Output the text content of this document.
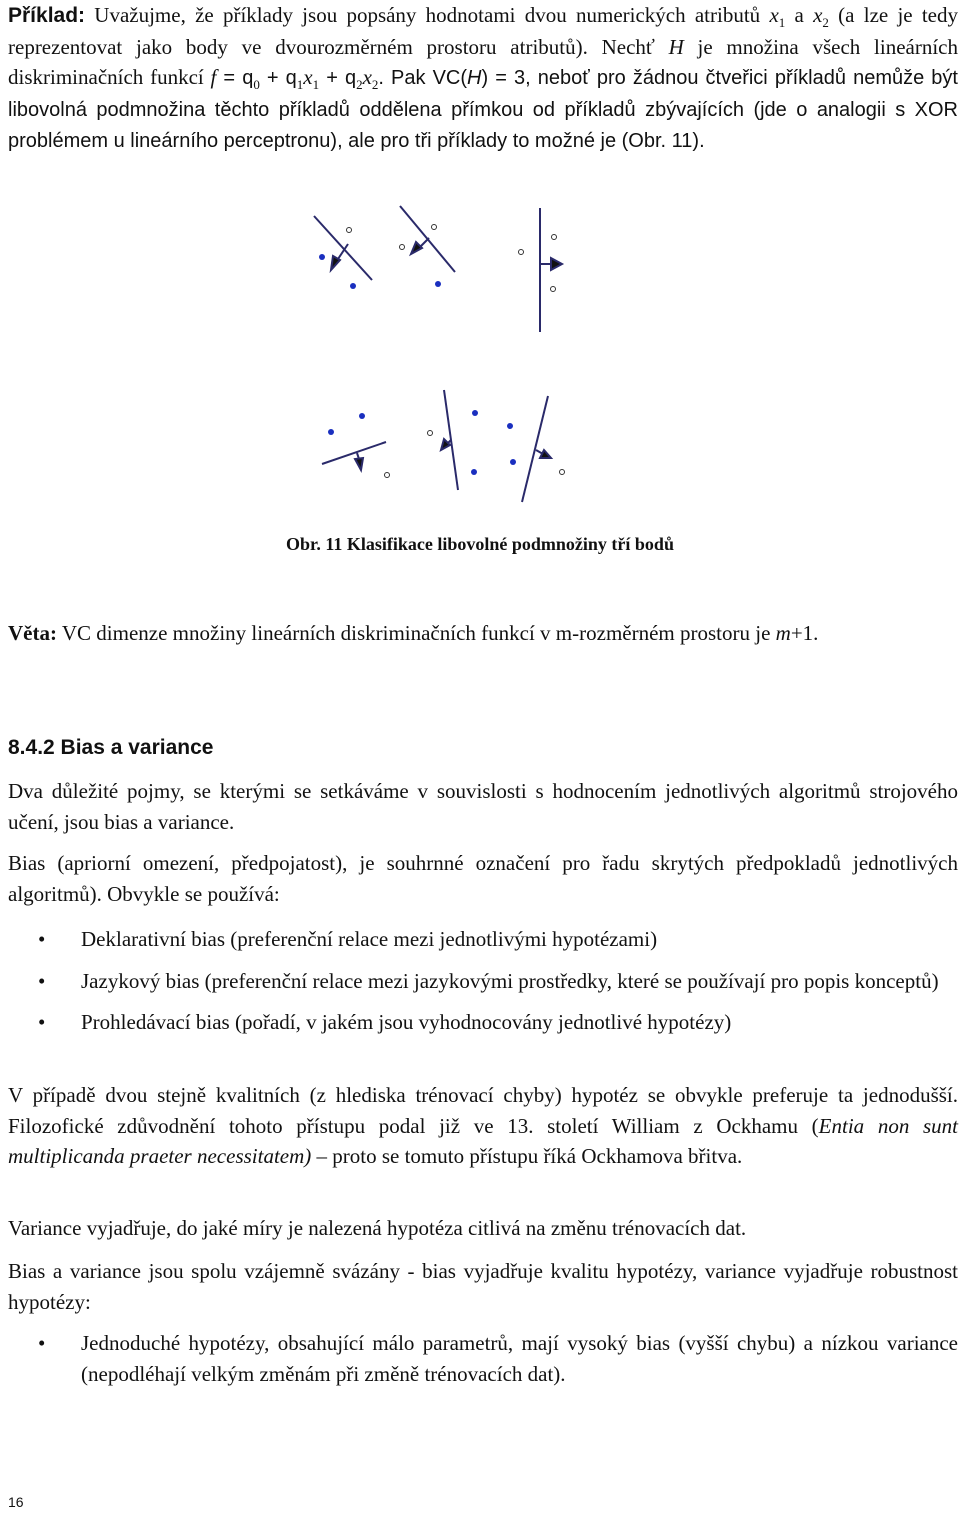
Příklad: Uvažujme, že příklady jsou popsány hodnotami dvou numerických atributů $x_1$ a $x_2$ (a lze je tedy reprezentovat jako body ve dvourozměrném prostoru atributů). Nechť H je množina všech lineárních diskriminačních funkcí $f = q_0 + q_1x_1 + q_2x_2$. Pak VC(H) = 3, neboť pro žádnou čtveřici příkladů nemůže být libovolná podmnožina těchto příkladů oddělena přímkou od příkladů zbývajících (jde o analogii s XOR problémem u lineárního perceptronu), ale pro tři příklady to možné je (Obr. 11).
Obr. 11 Klasifikace libovolné podmnožiny tří bodů
Věta: VC dimenze množiny lineárních diskriminačních funkcí v m-rozměrném prostoru je m+1.
8.4.2 Bias a variance
Dva důležité pojmy, se kterými se setkáváme v souvislosti s hodnocením jednotlivých algoritmů strojového učení, jsou bias a variance.
Bias (apriorní omezení, předpojatost), je souhrnné označení pro řadu skrytých předpokladů jednotlivých algoritmů). Obvykle se používá:
• Deklarativní bias (preferenční relace mezi jednotlivými hypotézami)
• Jazykový bias (preferenční relace mezi jazykovými prostředky, které se používají pro popis konceptů)
• Prohledávací bias (pořadí, v jakém jsou vyhodnocovány jednotlivé hypotézy)
V případě dvou stejně kvalitních (z hlediska trénovací chyby) hypotéz se obvykle preferuje ta jednodušší. Filozofické zdůvodnění tohoto přístupu podal již ve 13. století William z Ockhamu (Entia non sunt multiplicanda praeter necessitatem) – proto se tomuto přístupu říká Ockhamova břitva.
Variance vyjadřuje, do jaké míry je nalezená hypotéza citlivá na změnu trénovacích dat.
Bias a variance jsou spolu vzájemně svázány - bias vyjadřuje kvalitu hypotézy, variance vyjadřuje robustnost hypotézy:
• Jednoduché hypotézy, obsahující málo parametrů, mají vysoký bias (vyšší chybu) a nízkou variance (nepodléhají velkým změnám při změně trénovacích dat).
16
